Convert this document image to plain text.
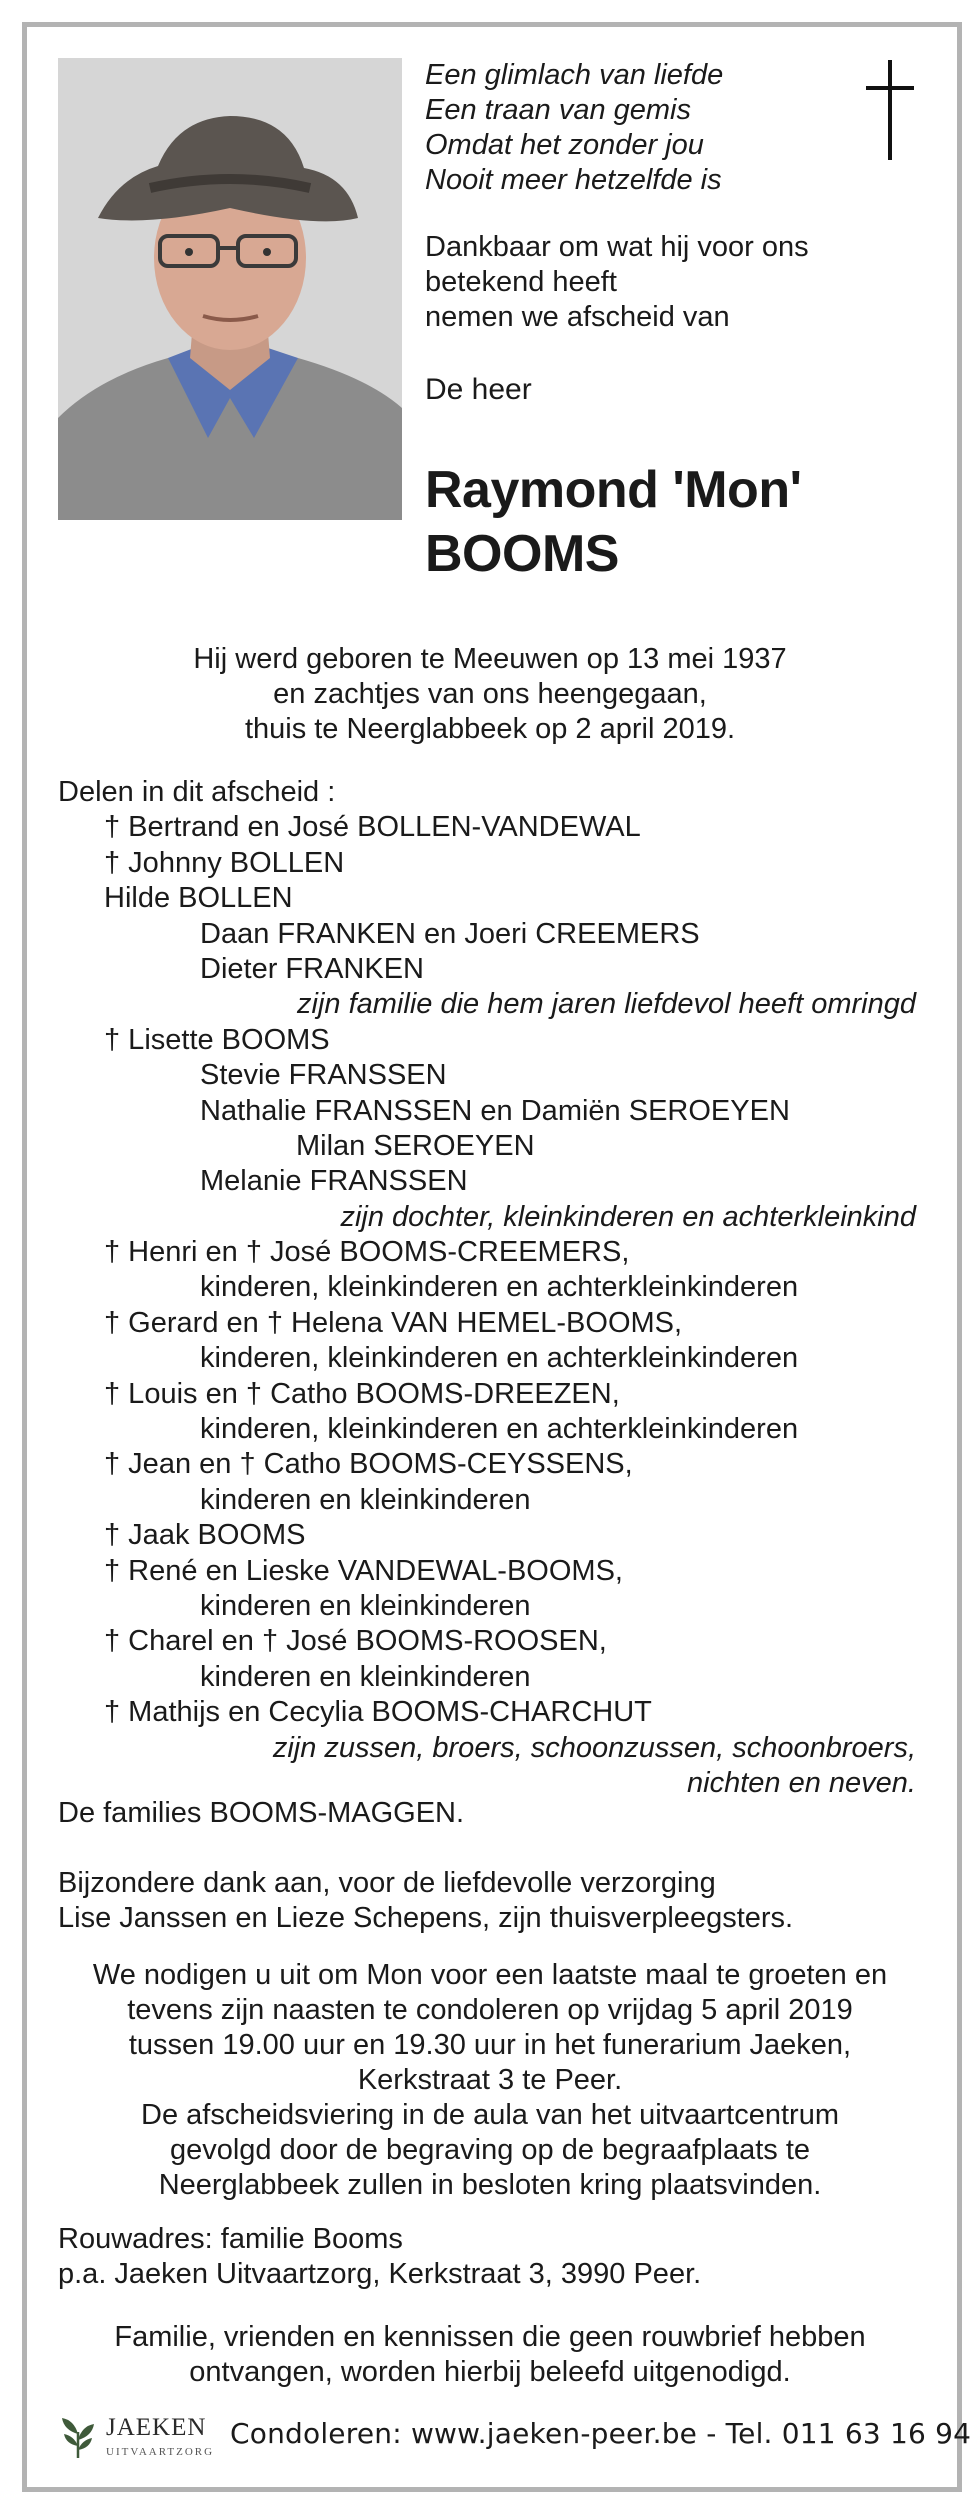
Een glimlach van liefde
Een traan van gemis
Omdat het zonder jou
Nooit meer hetzelfde is
Dankbaar om wat hij voor ons
betekend heeft
nemen we afscheid van
De heer
Raymond 'Mon'
BOOMS
Hij werd geboren te Meeuwen op 13 mei 1937
en zachtjes van ons heengegaan,
thuis te Neerglabbeek op 2 april 2019.
Delen in dit afscheid :
† Bertrand en José BOLLEN-VANDEWAL
† Johnny BOLLEN
Hilde BOLLEN
Daan FRANKEN en Joeri CREEMERS
Dieter FRANKEN
zijn familie die hem jaren liefdevol heeft omringd
† Lisette BOOMS
Stevie FRANSSEN
Nathalie FRANSSEN en Damiën SEROEYEN
Milan SEROEYEN
Melanie FRANSSEN
zijn dochter, kleinkinderen en achterkleinkind
† Henri en † José BOOMS-CREEMERS,
kinderen, kleinkinderen en achterkleinkinderen
† Gerard en † Helena VAN HEMEL-BOOMS,
kinderen, kleinkinderen en achterkleinkinderen
† Louis en † Catho BOOMS-DREEZEN,
kinderen, kleinkinderen en achterkleinkinderen
† Jean en † Catho BOOMS-CEYSSENS,
kinderen en kleinkinderen
† Jaak BOOMS
† René en Lieske VANDEWAL-BOOMS,
kinderen en kleinkinderen
† Charel en † José BOOMS-ROOSEN,
kinderen en kleinkinderen
† Mathijs en Cecylia BOOMS-CHARCHUT
zijn zussen, broers, schoonzussen, schoonbroers,
nichten en neven.
De families BOOMS-MAGGEN.
Bijzondere dank aan, voor de liefdevolle verzorging
Lise Janssen en Lieze Schepens, zijn thuisverpleegsters.
We nodigen u uit om Mon voor een laatste maal te groeten en
tevens zijn naasten te condoleren op vrijdag 5 april 2019
tussen 19.00 uur en 19.30 uur in het funerarium Jaeken,
Kerkstraat 3 te Peer.
De afscheidsviering in de aula van het uitvaartcentrum
gevolgd door de begraving op de begraafplaats te
Neerglabbeek zullen in besloten kring plaatsvinden.
Rouwadres: familie Booms
p.a. Jaeken Uitvaartzorg, Kerkstraat 3, 3990 Peer.
Familie, vrienden en kennissen die geen rouwbrief hebben
ontvangen, worden hierbij beleefd uitgenodigd.
JAEKEN
UITVAARTZORG
Condoleren: www.jaeken-peer.be - Tel. 011 63 16 94
